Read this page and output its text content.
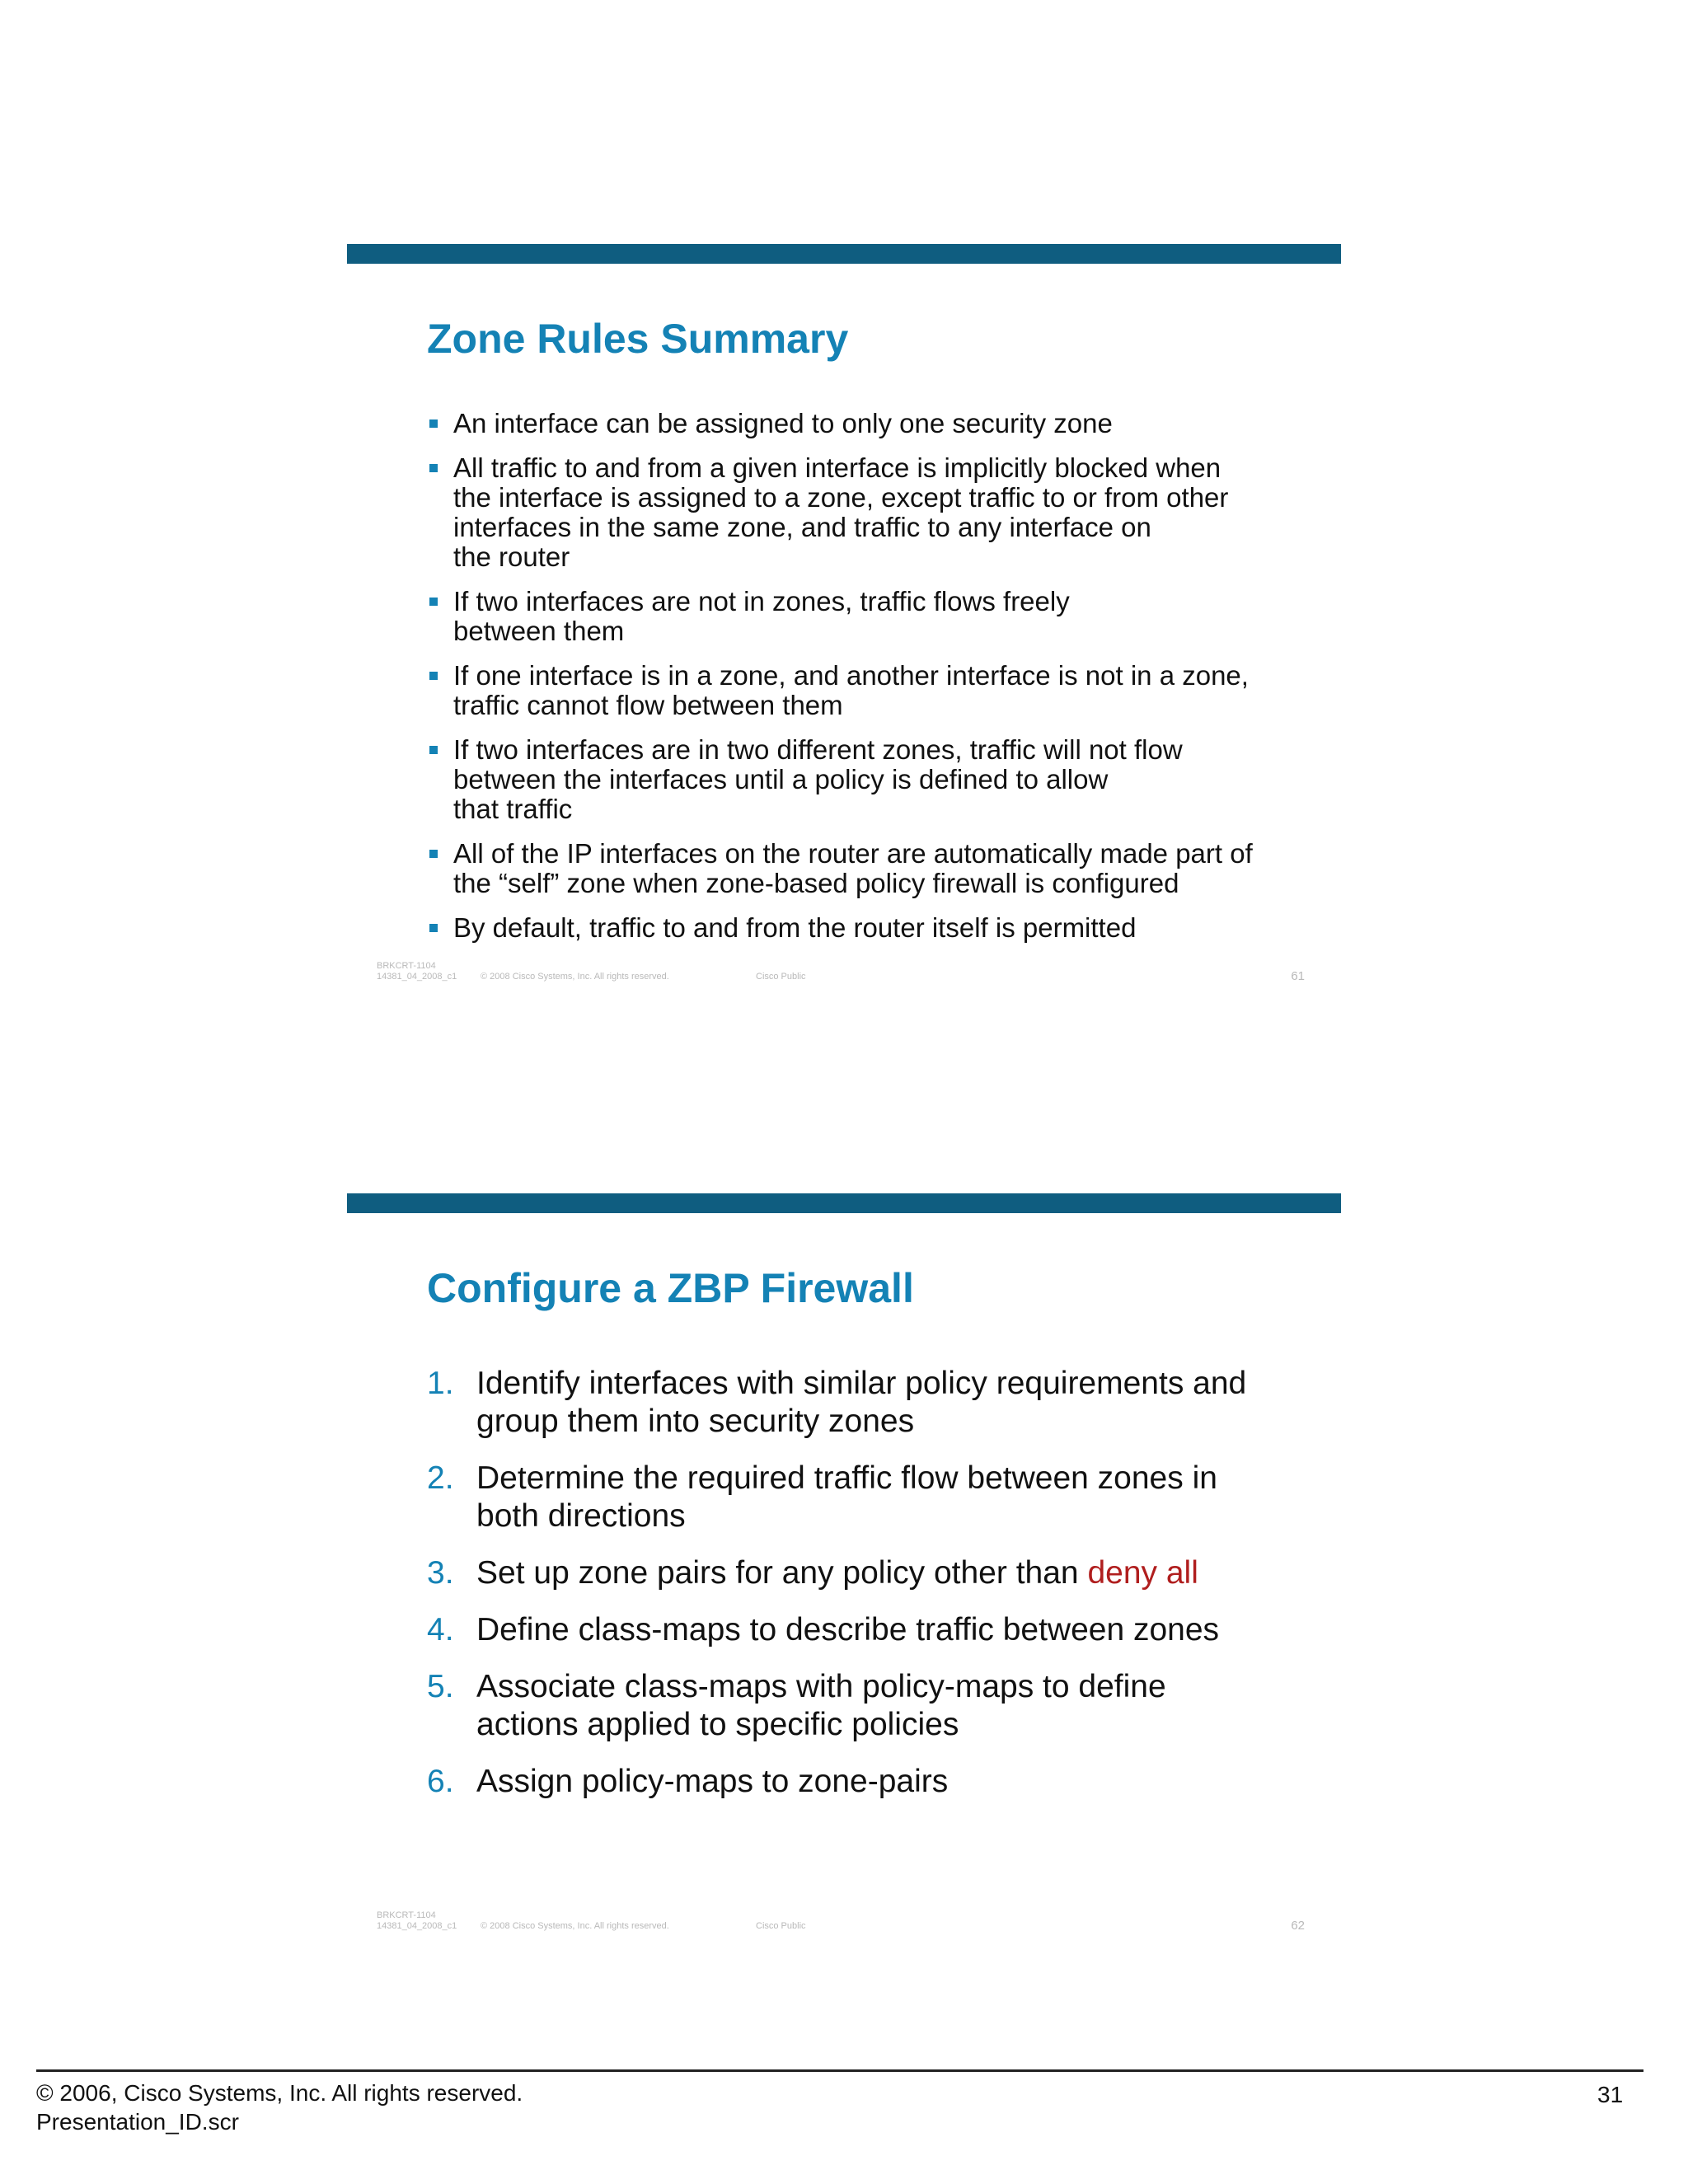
Zone Rules Summary
An interface can be assigned to only one security zone
All traffic to and from a given interface is implicitly blocked when
the interface is assigned to a zone, except traffic to or from other
interfaces in the same zone, and traffic to any interface on
the router
If two interfaces are not in zones, traffic flows freely
between them
If one interface is in a zone, and another interface is not in a zone,
traffic cannot flow between them
If two interfaces are in two different zones, traffic will not flow
between the interfaces until a policy is defined to allow
that traffic
All of the IP interfaces on the router are automatically made part of
the “self” zone when zone-based policy firewall is configured
By default, traffic to and from the router itself is permitted
BRKCRT-1104
14381_04_2008_c1	© 2008 Cisco Systems, Inc. All rights reserved.	Cisco Public	61
Configure a ZBP Firewall
1. Identify interfaces with similar policy requirements and
group them into security zones
2. Determine the required traffic flow between zones in
both directions
3. Set up zone pairs for any policy other than deny all
4. Define class-maps to describe traffic between zones
5. Associate class-maps with policy-maps to define
actions applied to specific policies
6. Assign policy-maps to zone-pairs
BRKCRT-1104
14381_04_2008_c1	© 2008 Cisco Systems, Inc. All rights reserved.	Cisco Public	62
© 2006, Cisco Systems, Inc. All rights reserved.
Presentation_ID.scr
31
